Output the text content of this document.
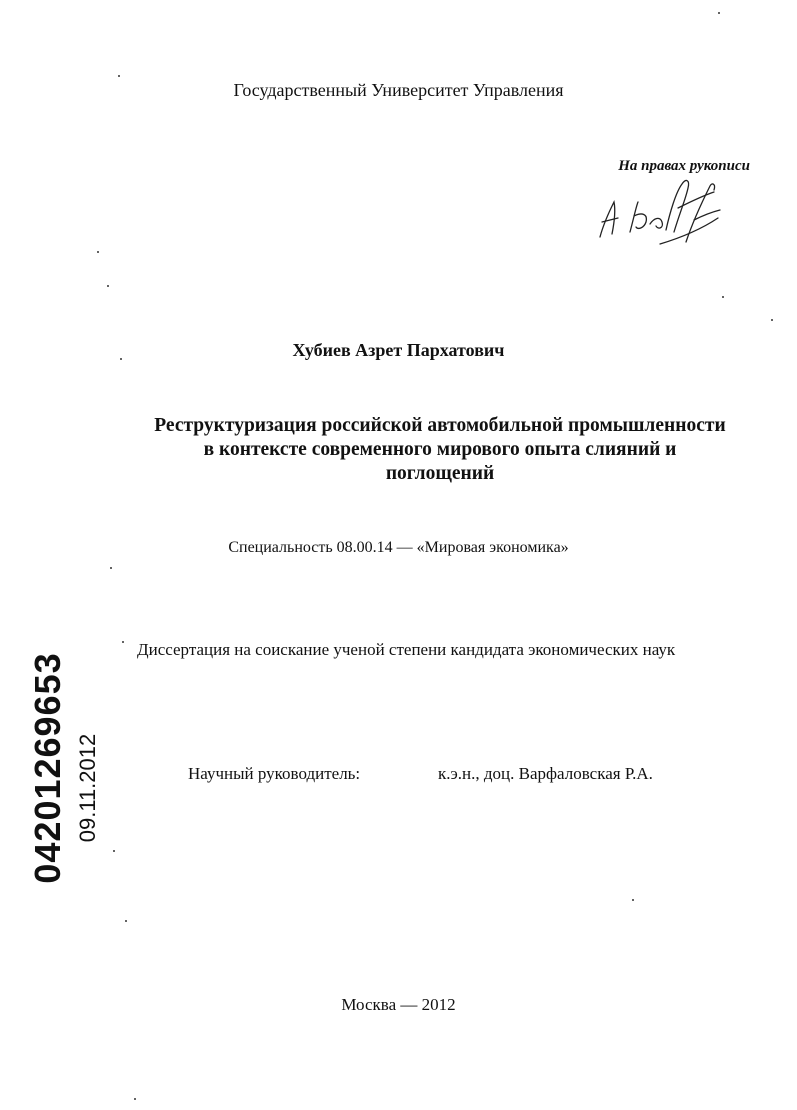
Государственный Университет Управления
На правах рукописи
Хубиев Азрет Пархатович
Реструктуризация российской автомобильной промышленности
в контексте современного мирового опыта слияний и
поглощений
Специальность 08.00.14 — «Мировая экономика»
Диссертация на соискание ученой степени кандидата экономических наук
Научный руководитель:	к.э.н., доц. Варфаловская Р.А.
Москва — 2012
04201269653 09.11.2012
